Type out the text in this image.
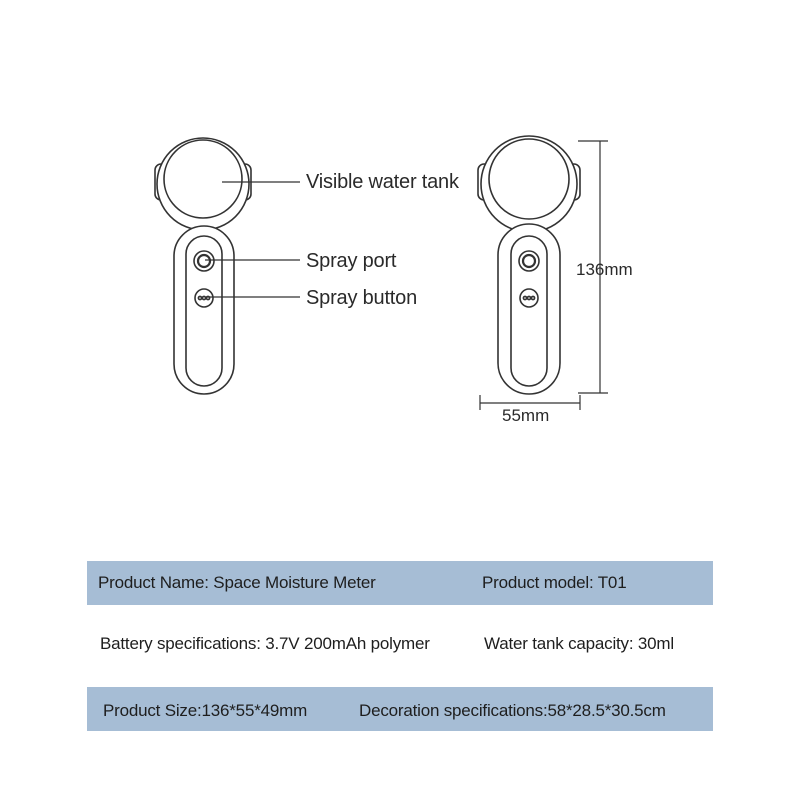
Visible water tank
Spray port
Spray button
136mm
55mm
Product Name: Space Moisture Meter	Product model: T01
Battery specifications: 3.7V 200mAh polymer	Water tank capacity: 30ml
Product Size:136*55*49mm	Decoration specifications:58*28.5*30.5cm
